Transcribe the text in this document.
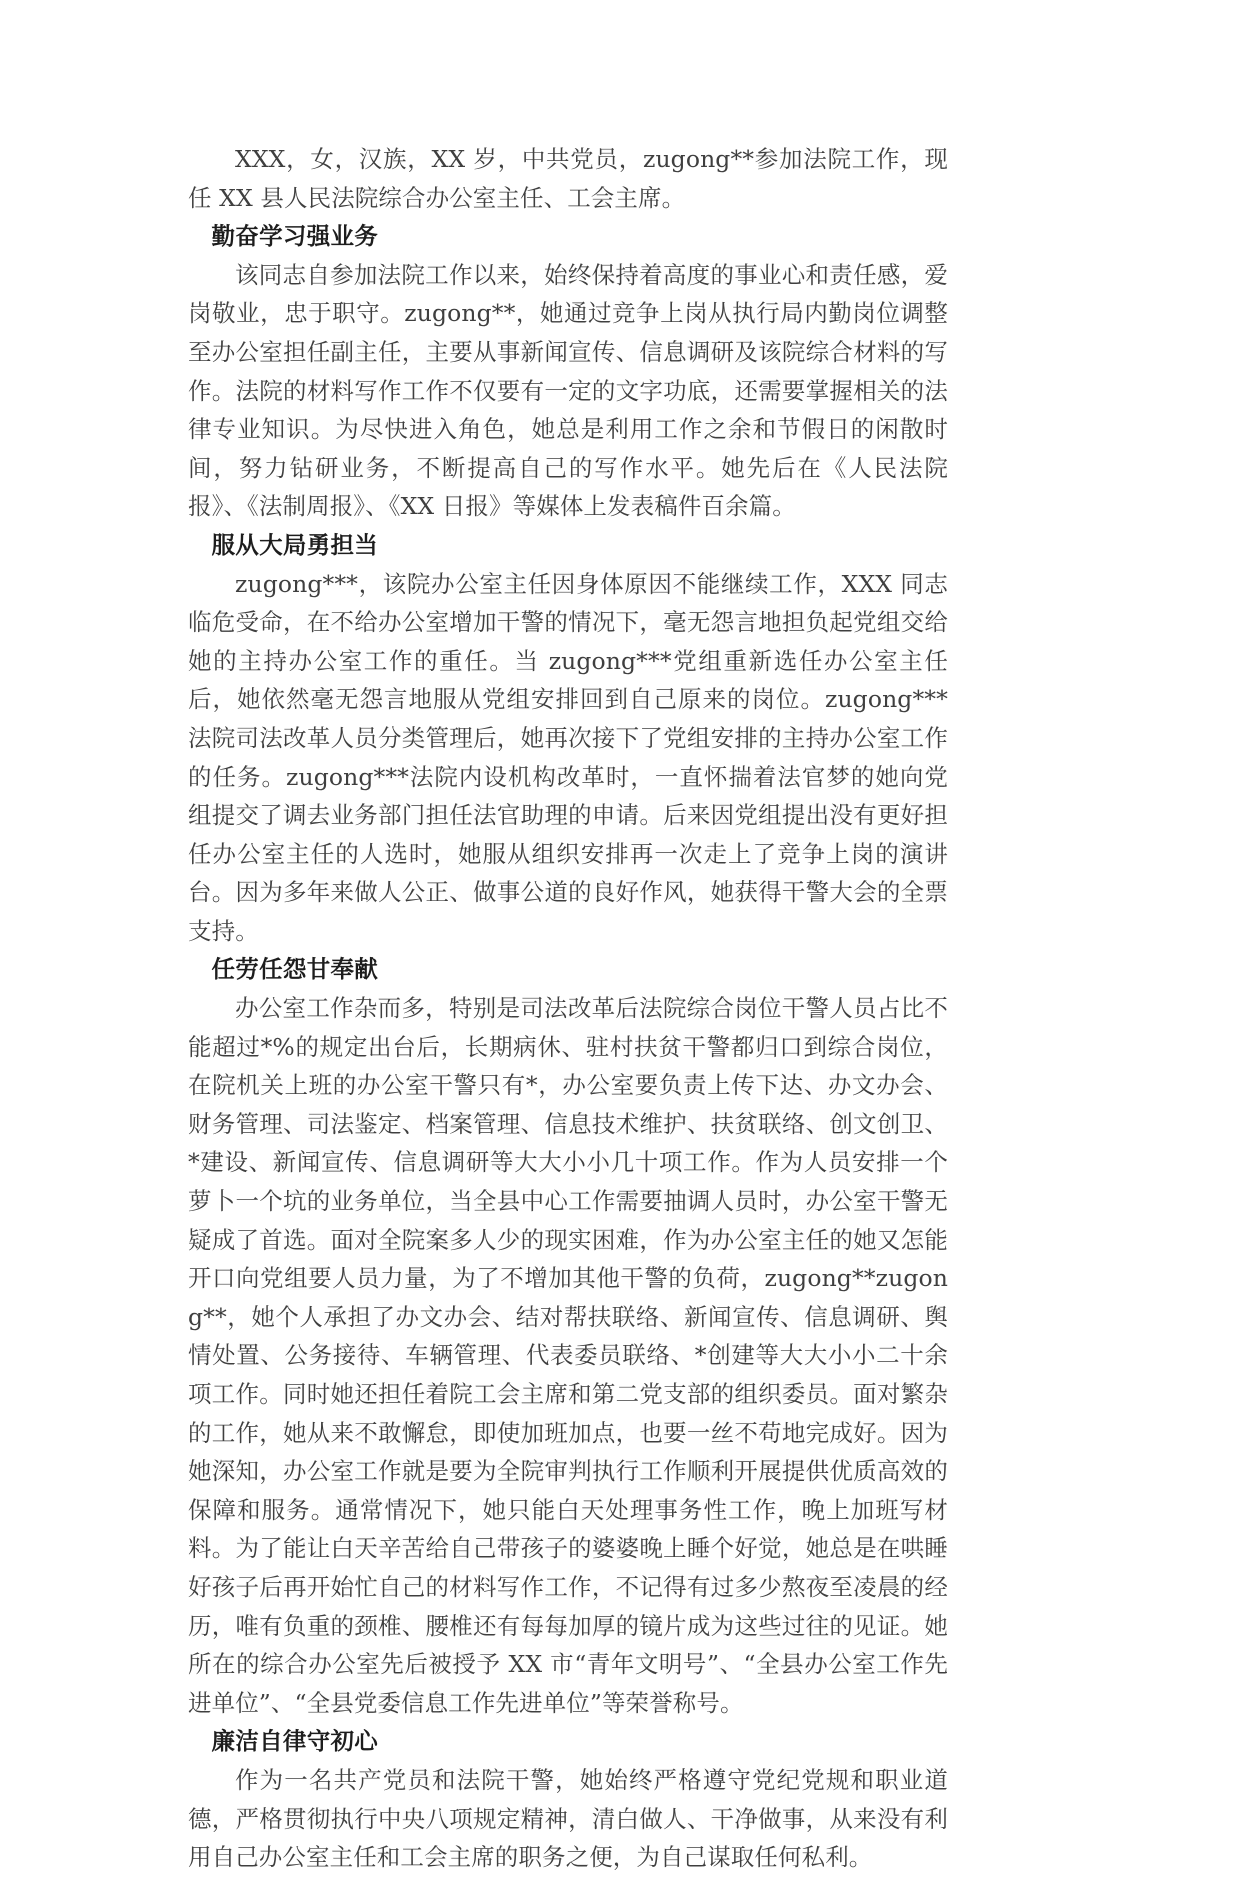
XXX，女，汉族，XX 岁，中共党员，zugong**参加法院工作，现任 XX 县人民法院综合办公室主任、工会主席。

勤奋学习强业务

该同志自参加法院工作以来，始终保持着高度的事业心和责任感，爱岗敬业，忠于职守。zugong**，她通过竞争上岗从执行局内勤岗位调整至办公室担任副主任，主要从事新闻宣传、信息调研及该院综合材料的写作。法院的材料写作工作不仅要有一定的文字功底，还需要掌握相关的法律专业知识。为尽快进入角色，她总是利用工作之余和节假日的闲散时间，努力钻研业务，不断提高自己的写作水平。她先后在《人民法院报》、《法制周报》、《XX 日报》等媒体上发表稿件百余篇。

服从大局勇担当

zugong***，该院办公室主任因身体原因不能继续工作，XXX 同志临危受命，在不给办公室增加干警的情况下，毫无怨言地担负起党组交给她的主持办公室工作的重任。当 zugong***党组重新选任办公室主任后，她依然毫无怨言地服从党组安排回到自己原来的岗位。zugong***法院司法改革人员分类管理后，她再次接下了党组安排的主持办公室工作的任务。zugong***法院内设机构改革时，一直怀揣着法官梦的她向党组提交了调去业务部门担任法官助理的申请。后来因党组提出没有更好担任办公室主任的人选时，她服从组织安排再一次走上了竞争上岗的演讲台。因为多年来做人公正、做事公道的良好作风，她获得干警大会的全票支持。

任劳任怨甘奉献

办公室工作杂而多，特别是司法改革后法院综合岗位干警人员占比不能超过*%的规定出台后，长期病休、驻村扶贫干警都归口到综合岗位，在院机关上班的办公室干警只有*，办公室要负责上传下达、办文办会、财务管理、司法鉴定、档案管理、信息技术维护、扶贫联络、创文创卫、*建设、新闻宣传、信息调研等大大小小几十项工作。作为人员安排一个萝卜一个坑的业务单位，当全县中心工作需要抽调人员时，办公室干警无疑成了首选。面对全院案多人少的现实困难，作为办公室主任的她又怎能开口向党组要人员力量，为了不增加其他干警的负荷，zugong**zugong**，她个人承担了办文办会、结对帮扶联络、新闻宣传、信息调研、舆情处置、公务接待、车辆管理、代表委员联络、*创建等大大小小二十余项工作。同时她还担任着院工会主席和第二党支部的组织委员。面对繁杂的工作，她从来不敢懈怠，即使加班加点，也要一丝不苟地完成好。因为她深知，办公室工作就是要为全院审判执行工作顺利开展提供优质高效的保障和服务。通常情况下，她只能白天处理事务性工作，晚上加班写材料。为了能让白天辛苦给自己带孩子的婆婆晚上睡个好觉，她总是在哄睡好孩子后再开始忙自己的材料写作工作，不记得有过多少熬夜至凌晨的经历，唯有负重的颈椎、腰椎还有每每加厚的镜片成为这些过往的见证。她所在的综合办公室先后被授予 XX 市“青年文明号”、“全县办公室工作先进单位”、“全县党委信息工作先进单位”等荣誉称号。

廉洁自律守初心

作为一名共产党员和法院干警，她始终严格遵守党纪党规和职业道德，严格贯彻执行中央八项规定精神，清白做人、干净做事，从来没有利用自己办公室主任和工会主席的职务之便，为自己谋取任何私利。
